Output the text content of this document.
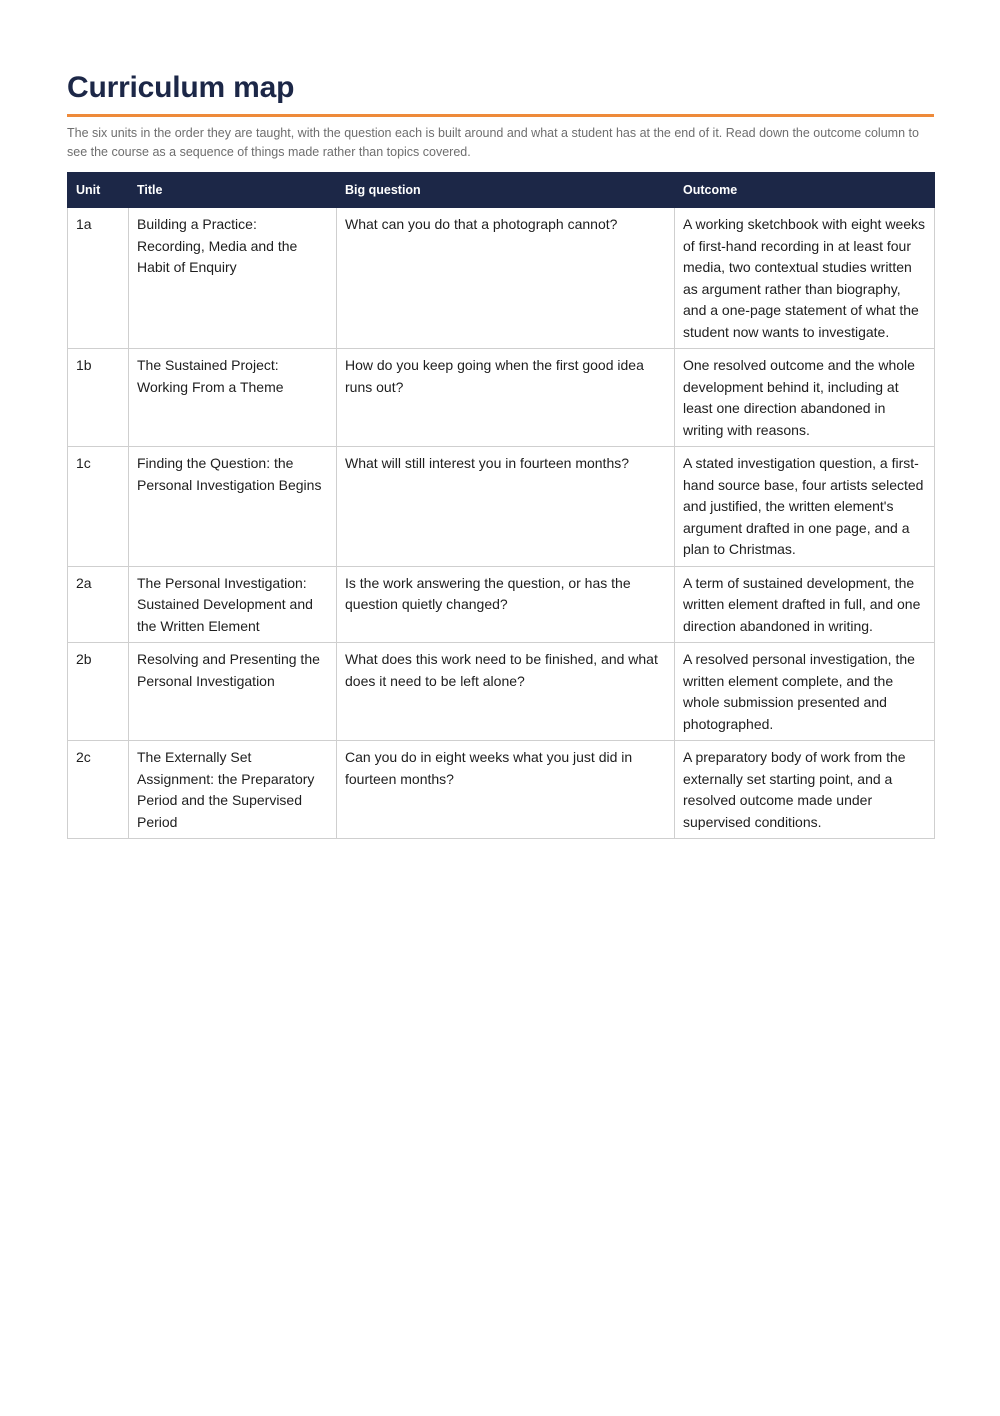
Curriculum map

The six units in the order they are taught, with the question each is built around and what a student has at the end of it. Read down the outcome column to see the course as a sequence of things made rather than topics covered.

Unit	Title	Big question	Outcome
1a	Building a Practice: Recording, Media and the Habit of Enquiry	What can you do that a photograph cannot?	A working sketchbook with eight weeks of first-hand recording in at least four media, two contextual studies written as argument rather than biography, and a one-page statement of what the student now wants to investigate.
1b	The Sustained Project: Working From a Theme	How do you keep going when the first good idea runs out?	One resolved outcome and the whole development behind it, including at least one direction abandoned in writing with reasons.
1c	Finding the Question: the Personal Investigation Begins	What will still interest you in fourteen months?	A stated investigation question, a first-hand source base, four artists selected and justified, the written element's argument drafted in one page, and a plan to Christmas.
2a	The Personal Investigation: Sustained Development and the Written Element	Is the work answering the question, or has the question quietly changed?	A term of sustained development, the written element drafted in full, and one direction abandoned in writing.
2b	Resolving and Presenting the Personal Investigation	What does this work need to be finished, and what does it need to be left alone?	A resolved personal investigation, the written element complete, and the whole submission presented and photographed.
2c	The Externally Set Assignment: the Preparatory Period and the Supervised Period	Can you do in eight weeks what you just did in fourteen months?	A preparatory body of work from the externally set starting point, and a resolved outcome made under supervised conditions.
